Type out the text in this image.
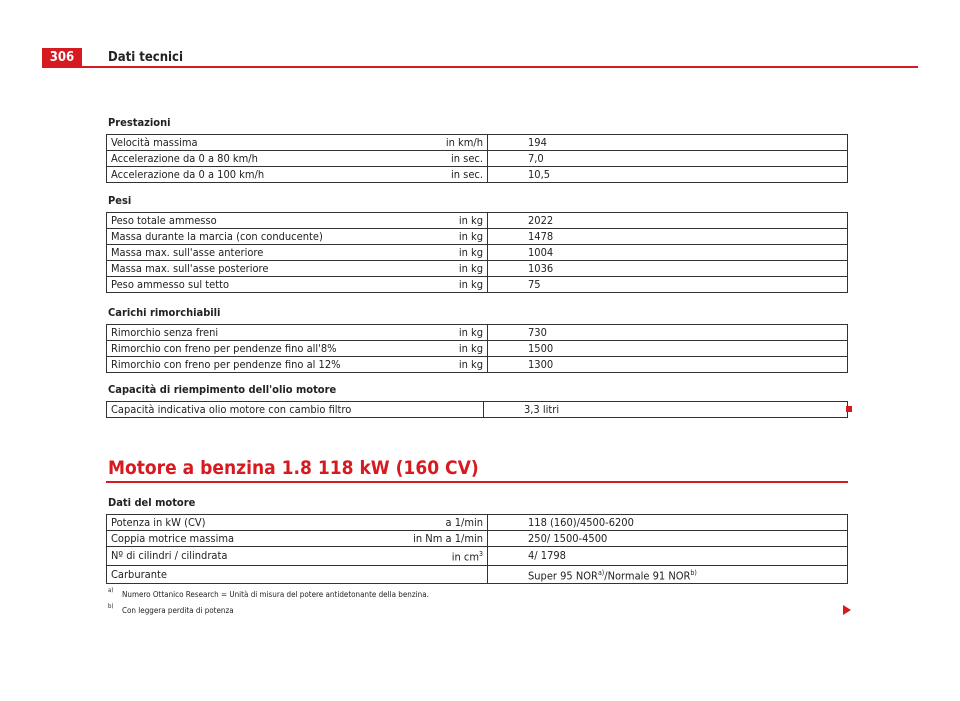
306	Dati tecnici
Prestazioni
Velocità massima	in km/h	194
Accelerazione da 0 a 80 km/h	in sec.	7,0
Accelerazione da 0 a 100 km/h	in sec.	10,5
Pesi
Peso totale ammesso	in kg	2022
Massa durante la marcia (con conducente)	in kg	1478
Massa max. sull'asse anteriore	in kg	1004
Massa max. sull'asse posteriore	in kg	1036
Peso ammesso sul tetto	in kg	75
Carichi rimorchiabili
Rimorchio senza freni	in kg	730
Rimorchio con freno per pendenze fino all'8%	in kg	1500
Rimorchio con freno per pendenze fino al 12%	in kg	1300
Capacità di riempimento dell'olio motore
Capacità indicativa olio motore con cambio filtro	3,3 litri
Motore a benzina 1.8 118 kW (160 CV)
Dati del motore
Potenza in kW (CV)	a 1/min	118 (160)/4500-6200
Coppia motrice massima	in Nm a 1/min	250/ 1500-4500
Nº di cilindri / cilindrata	in $cm^3$	4/ 1798
Carburante		Super 95 NOR$^{a)}$/Normale 91 NOR$^{b)}$
a) Numero Ottanico Research = Unità di misura del potere antidetonante della benzina.
b) Con leggera perdita di potenza
